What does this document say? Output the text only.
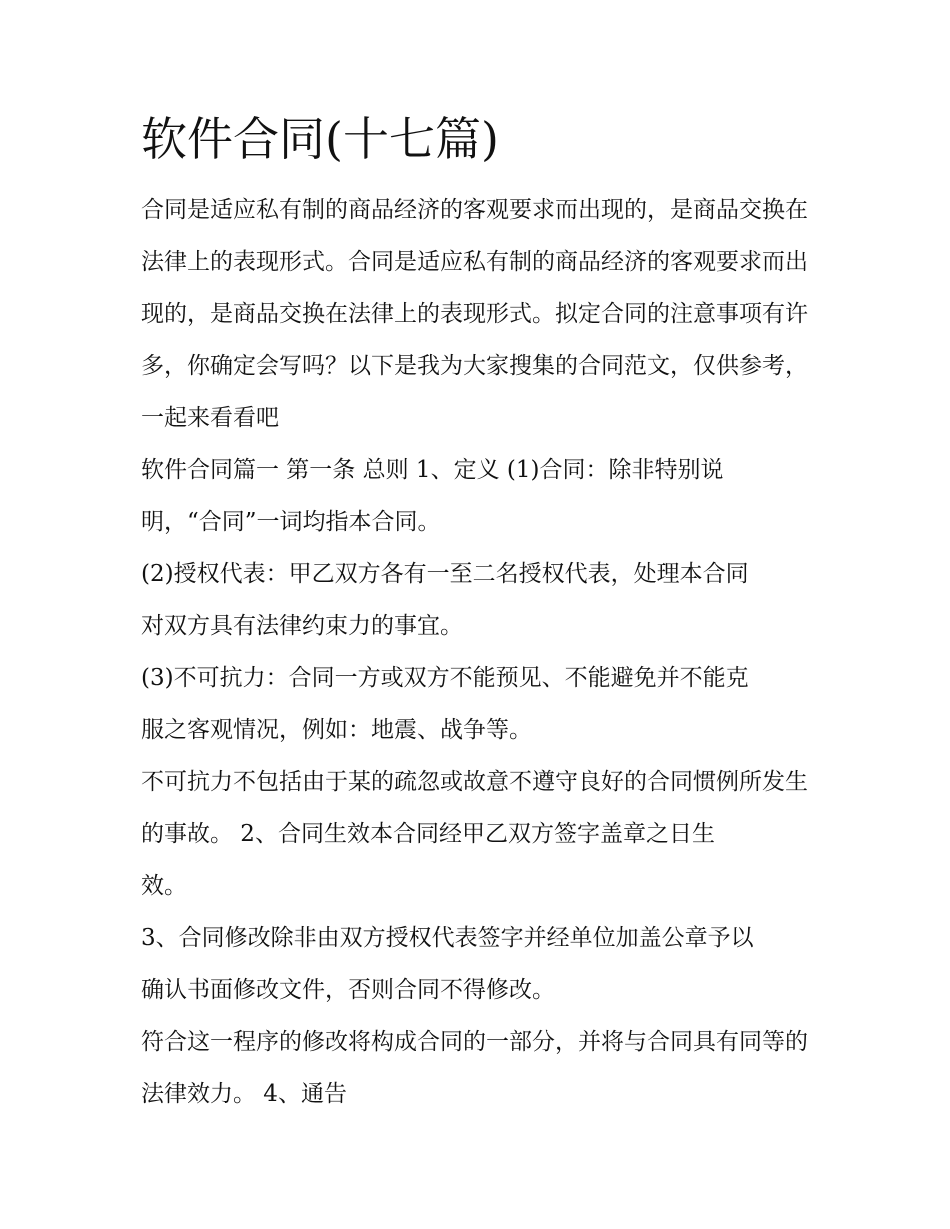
软件合同(十七篇)

合同是适应私有制的商品经济的客观要求而出现的，是商品交换在法律上的表现形式。合同是适应私有制的商品经济的客观要求而出现的，是商品交换在法律上的表现形式。拟定合同的注意事项有许多，你确定会写吗？以下是我为大家搜集的合同范文，仅供参考，一起来看看吧

软件合同篇一 第一条 总则 1、定义 (1)合同：除非特别说
明，“合同”一词均指本合同。

(2)授权代表：甲乙双方各有一至二名授权代表，处理本合同
对双方具有法律约束力的事宜。

(3)不可抗力：合同一方或双方不能预见、不能避免并不能克
服之客观情况，例如：地震、战争等。

不可抗力不包括由于某的疏忽或故意不遵守良好的合同惯例所发生的事故。 2、合同生效本合同经甲乙双方签字盖章之日生
效。

3、合同修改除非由双方授权代表签字并经单位加盖公章予以
确认书面修改文件，否则合同不得修改。

符合这一程序的修改将构成合同的一部分，并将与合同具有同等的法律效力。 4、通告
